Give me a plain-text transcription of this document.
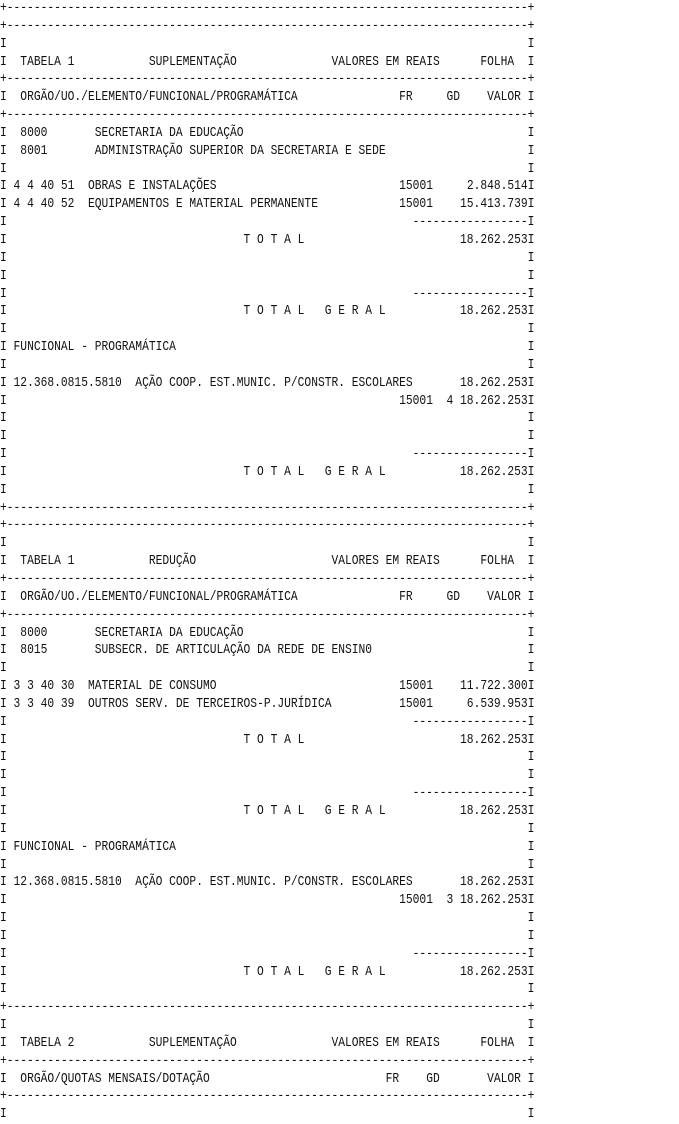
+-----------------------------------------------------------------------------+
+-----------------------------------------------------------------------------+
I	I
I TABELA 1	SUPLEMENTAÇÃO	VALORES EM REAIS	FOLHA I
+-----------------------------------------------------------------------------+
I ORGÃO/UO./ELEMENTO/FUNCIONAL/PROGRAMÁTICA	FR	GD VALOR I
+-----------------------------------------------------------------------------+
I 8000	SECRETARIA DA EDUCAÇÃO	I
I 8001	ADMINISTRAÇÃO SUPERIOR DA SECRETARIA E SEDE	I
I	I
I 4 4 40 51 OBRAS E INSTALAÇÕES	15001	2.848.514I
I 4 4 40 52 EQUIPAMENTOS E MATERIAL PERMANENTE	15001 15.413.739I
I                                                            -----------------I
I	T O T A L	18.262.253I
I	I
I	I
I                                                            -----------------I
I	T O T A L   G E R A L	18.262.253I
I	I
I FUNCIONAL - PROGRAMÁTICA	I
I	I
I 12.368.0815.5810 AÇÃO COOP. EST.MUNIC. P/CONSTR. ESCOLARES	18.262.253I
I	15001 4 18.262.253I
I	I
I	I
I                                                            -----------------I
I	T O T A L   G E R A L	18.262.253I
I	I
+-----------------------------------------------------------------------------+
+-----------------------------------------------------------------------------+
I	I
I TABELA 1	REDUÇÃO	VALORES EM REAIS	FOLHA I
+-----------------------------------------------------------------------------+
I ORGÃO/UO./ELEMENTO/FUNCIONAL/PROGRAMÁTICA	FR	GD VALOR I
+-----------------------------------------------------------------------------+
I 8000	SECRETARIA DA EDUCAÇÃO	I
I 8015	SUBSECR. DE ARTICULAÇÃO DA REDE DE ENSIN0	I
I	I
I 3 3 40 30 MATERIAL DE CONSUMO	15001 11.722.300I
I 3 3 40 39 OUTROS SERV. DE TERCEIROS-P.JURÍDICA	15001	6.539.953I
I                                                            -----------------I
I	T O T A L	18.262.253I
I	I
I	I
I                                                            -----------------I
I	T O T A L   G E R A L	18.262.253I
I	I
I FUNCIONAL - PROGRAMÁTICA	I
I	I
I 12.368.0815.5810 AÇÃO COOP. EST.MUNIC. P/CONSTR. ESCOLARES	18.262.253I
I	15001 3 18.262.253I
I	I
I	I
I                                                            -----------------I
I	T O T A L   G E R A L	18.262.253I
I	I
+-----------------------------------------------------------------------------+
I	I
I TABELA 2	SUPLEMENTAÇÃO	VALORES EM REAIS	FOLHA I
+-----------------------------------------------------------------------------+
I ORGÃO/QUOTAS MENSAIS/DOTAÇÃO	FR GD	VALOR I
+-----------------------------------------------------------------------------+
I	I
